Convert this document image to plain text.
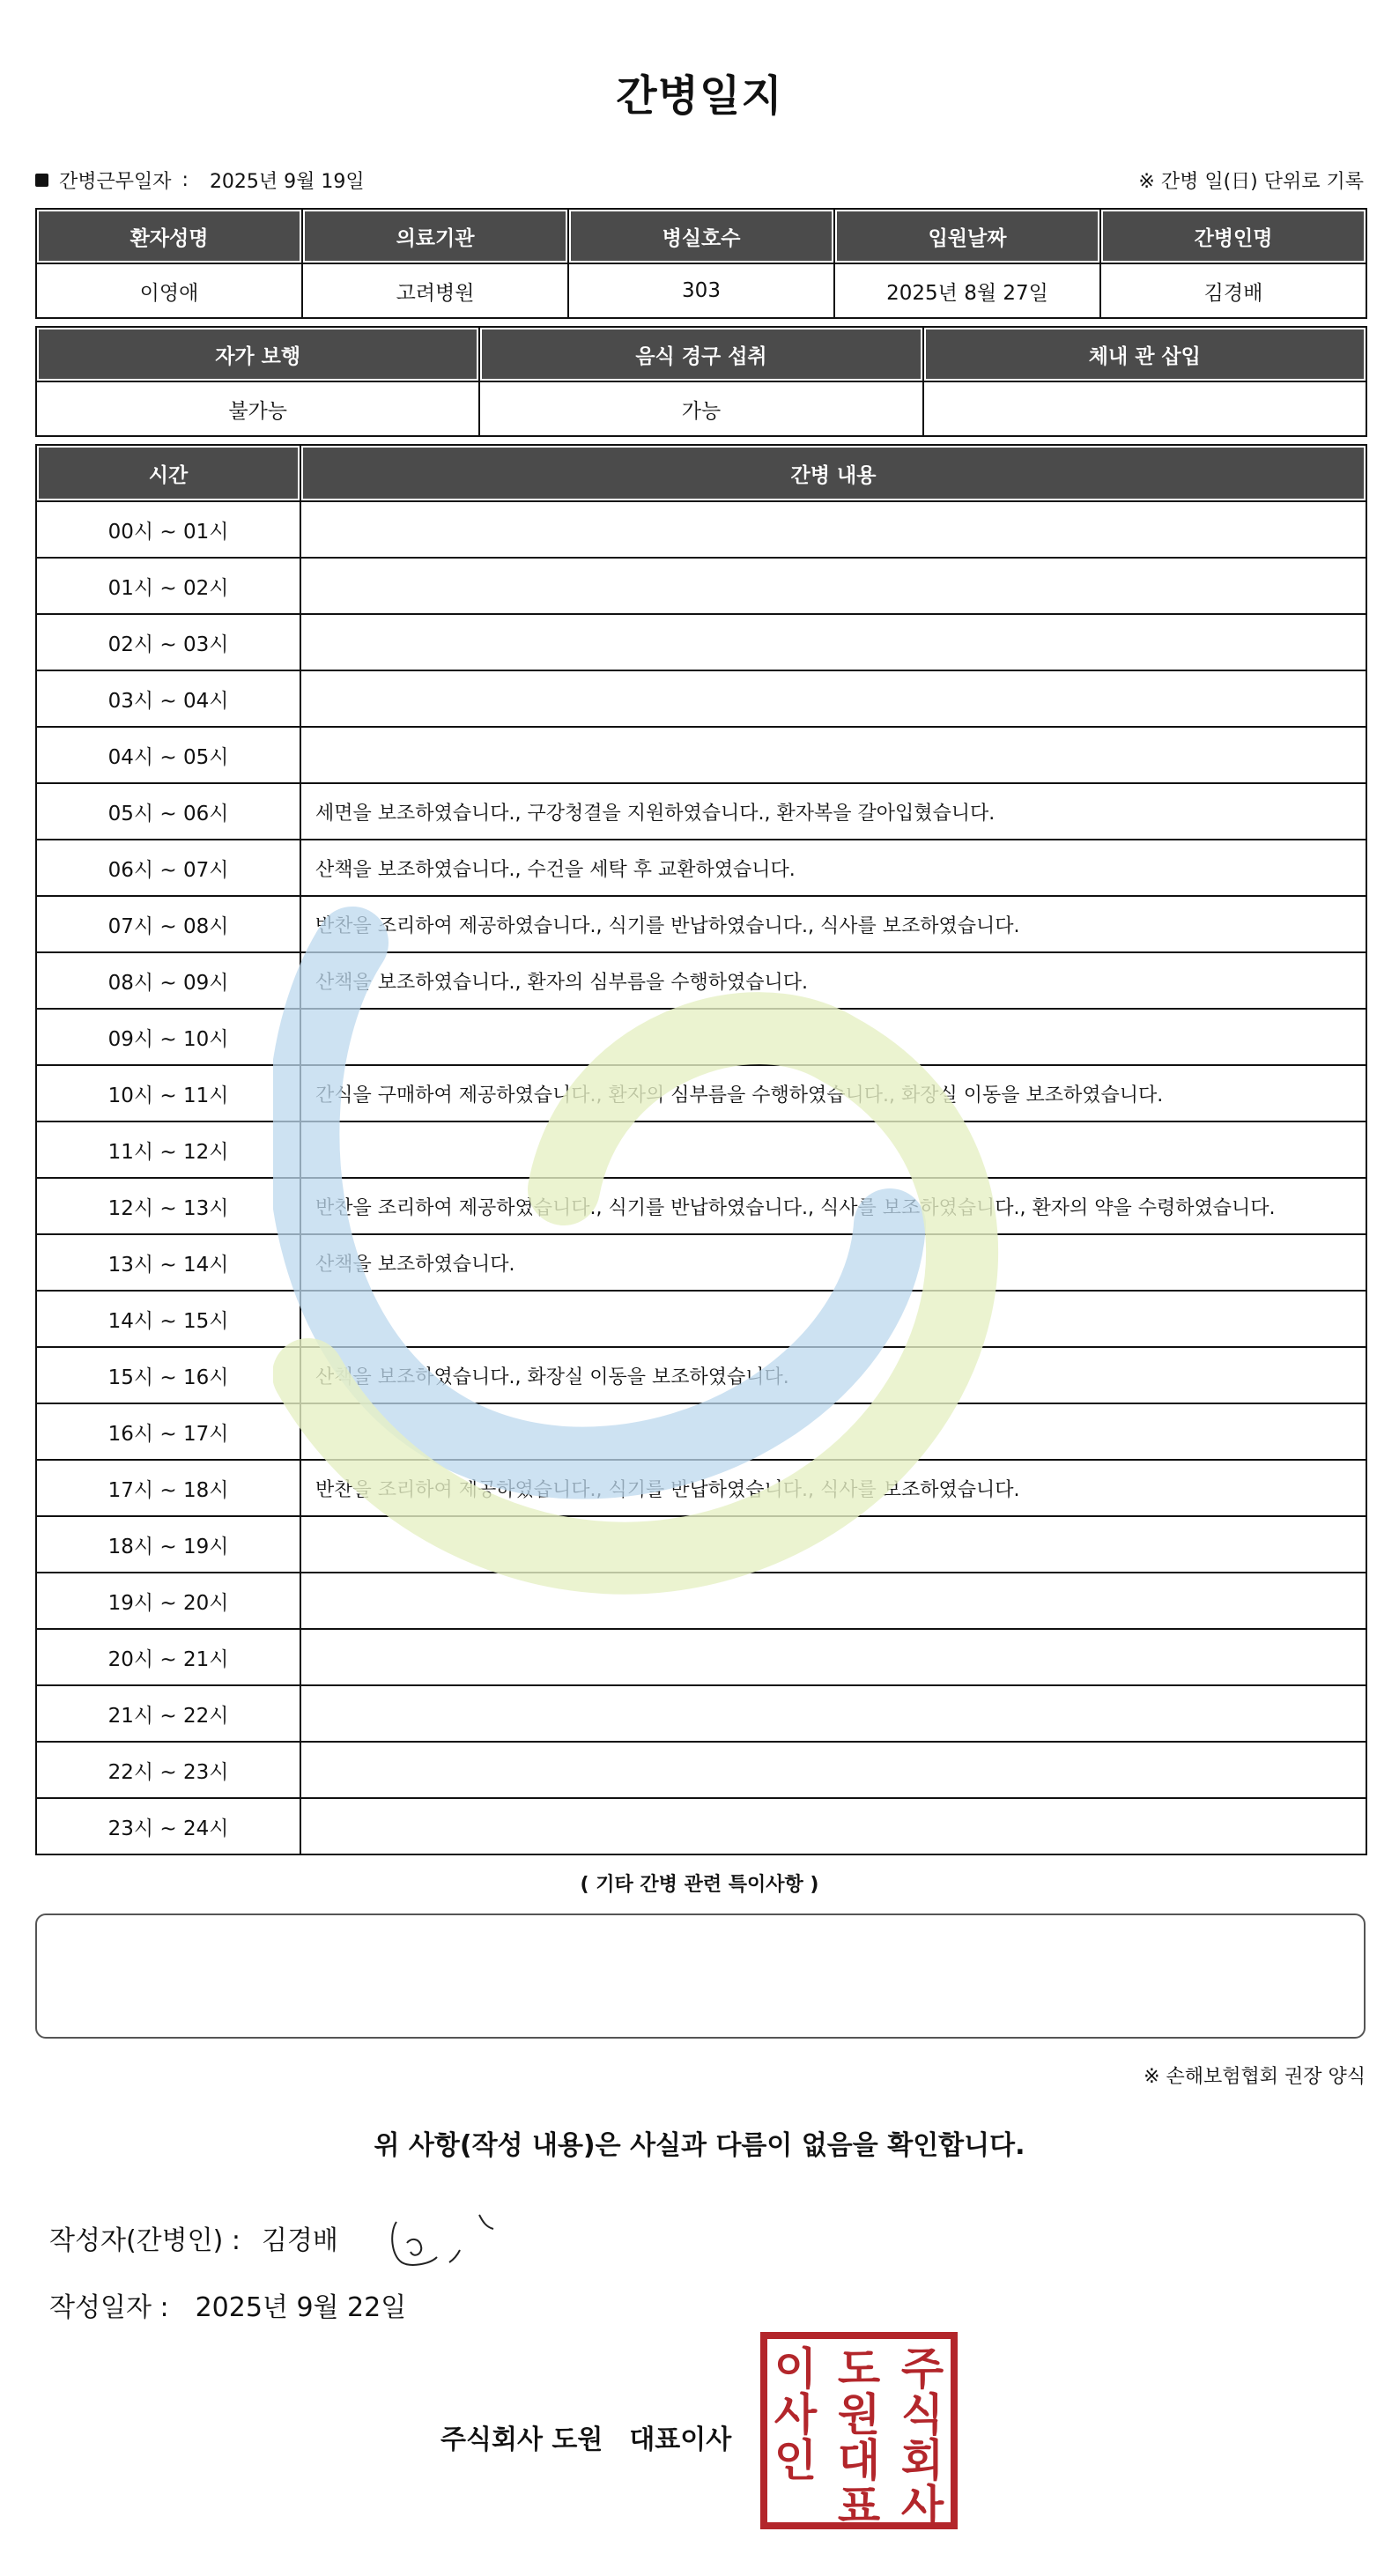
간병일지
간병근무일자 : 2025년 9월 19일	※ 간병 일(日) 단위로 기록
환자성명	의료기관	병실호수	입원날짜	간병인명
이영애	고려병원	303	2025년 8월 27일	김경배
자가 보행	음식 경구 섭취	체내 관 삽입
불가능	가능
시간	간병 내용
00시 ~ 01시
01시 ~ 02시
02시 ~ 03시
03시 ~ 04시
04시 ~ 05시
05시 ~ 06시	세면을 보조하였습니다., 구강청결을 지원하였습니다., 환자복을 갈아입혔습니다.
06시 ~ 07시	산책을 보조하였습니다., 수건을 세탁 후 교환하였습니다.
07시 ~ 08시	반찬을 조리하여 제공하였습니다., 식기를 반납하였습니다., 식사를 보조하였습니다.
08시 ~ 09시	산책을 보조하였습니다., 환자의 심부름을 수행하였습니다.
09시 ~ 10시
10시 ~ 11시	간식을 구매하여 제공하였습니다., 환자의 심부름을 수행하였습니다., 화장실 이동을 보조하였습니다.
11시 ~ 12시
12시 ~ 13시	반찬을 조리하여 제공하였습니다., 식기를 반납하였습니다., 식사를 보조하였습니다., 환자의 약을 수령하였습니다.
13시 ~ 14시	산책을 보조하였습니다.
14시 ~ 15시
15시 ~ 16시	산책을 보조하였습니다., 화장실 이동을 보조하였습니다.
16시 ~ 17시
17시 ~ 18시	반찬을 조리하여 제공하였습니다., 식기를 반납하였습니다., 식사를 보조하였습니다.
18시 ~ 19시
19시 ~ 20시
20시 ~ 21시
21시 ~ 22시
22시 ~ 23시
23시 ~ 24시
( 기타 간병 관련 특이사항 )
※ 손해보험협회 권장 양식
위 사항(작성 내용)은 사실과 다름이 없음을 확인합니다.
작성자(간병인) : 김경배
작성일자 : 2025년 9월 22일
주식회사 도원 대표이사
주
식
회
사
도
원
대
표
이
사
인
